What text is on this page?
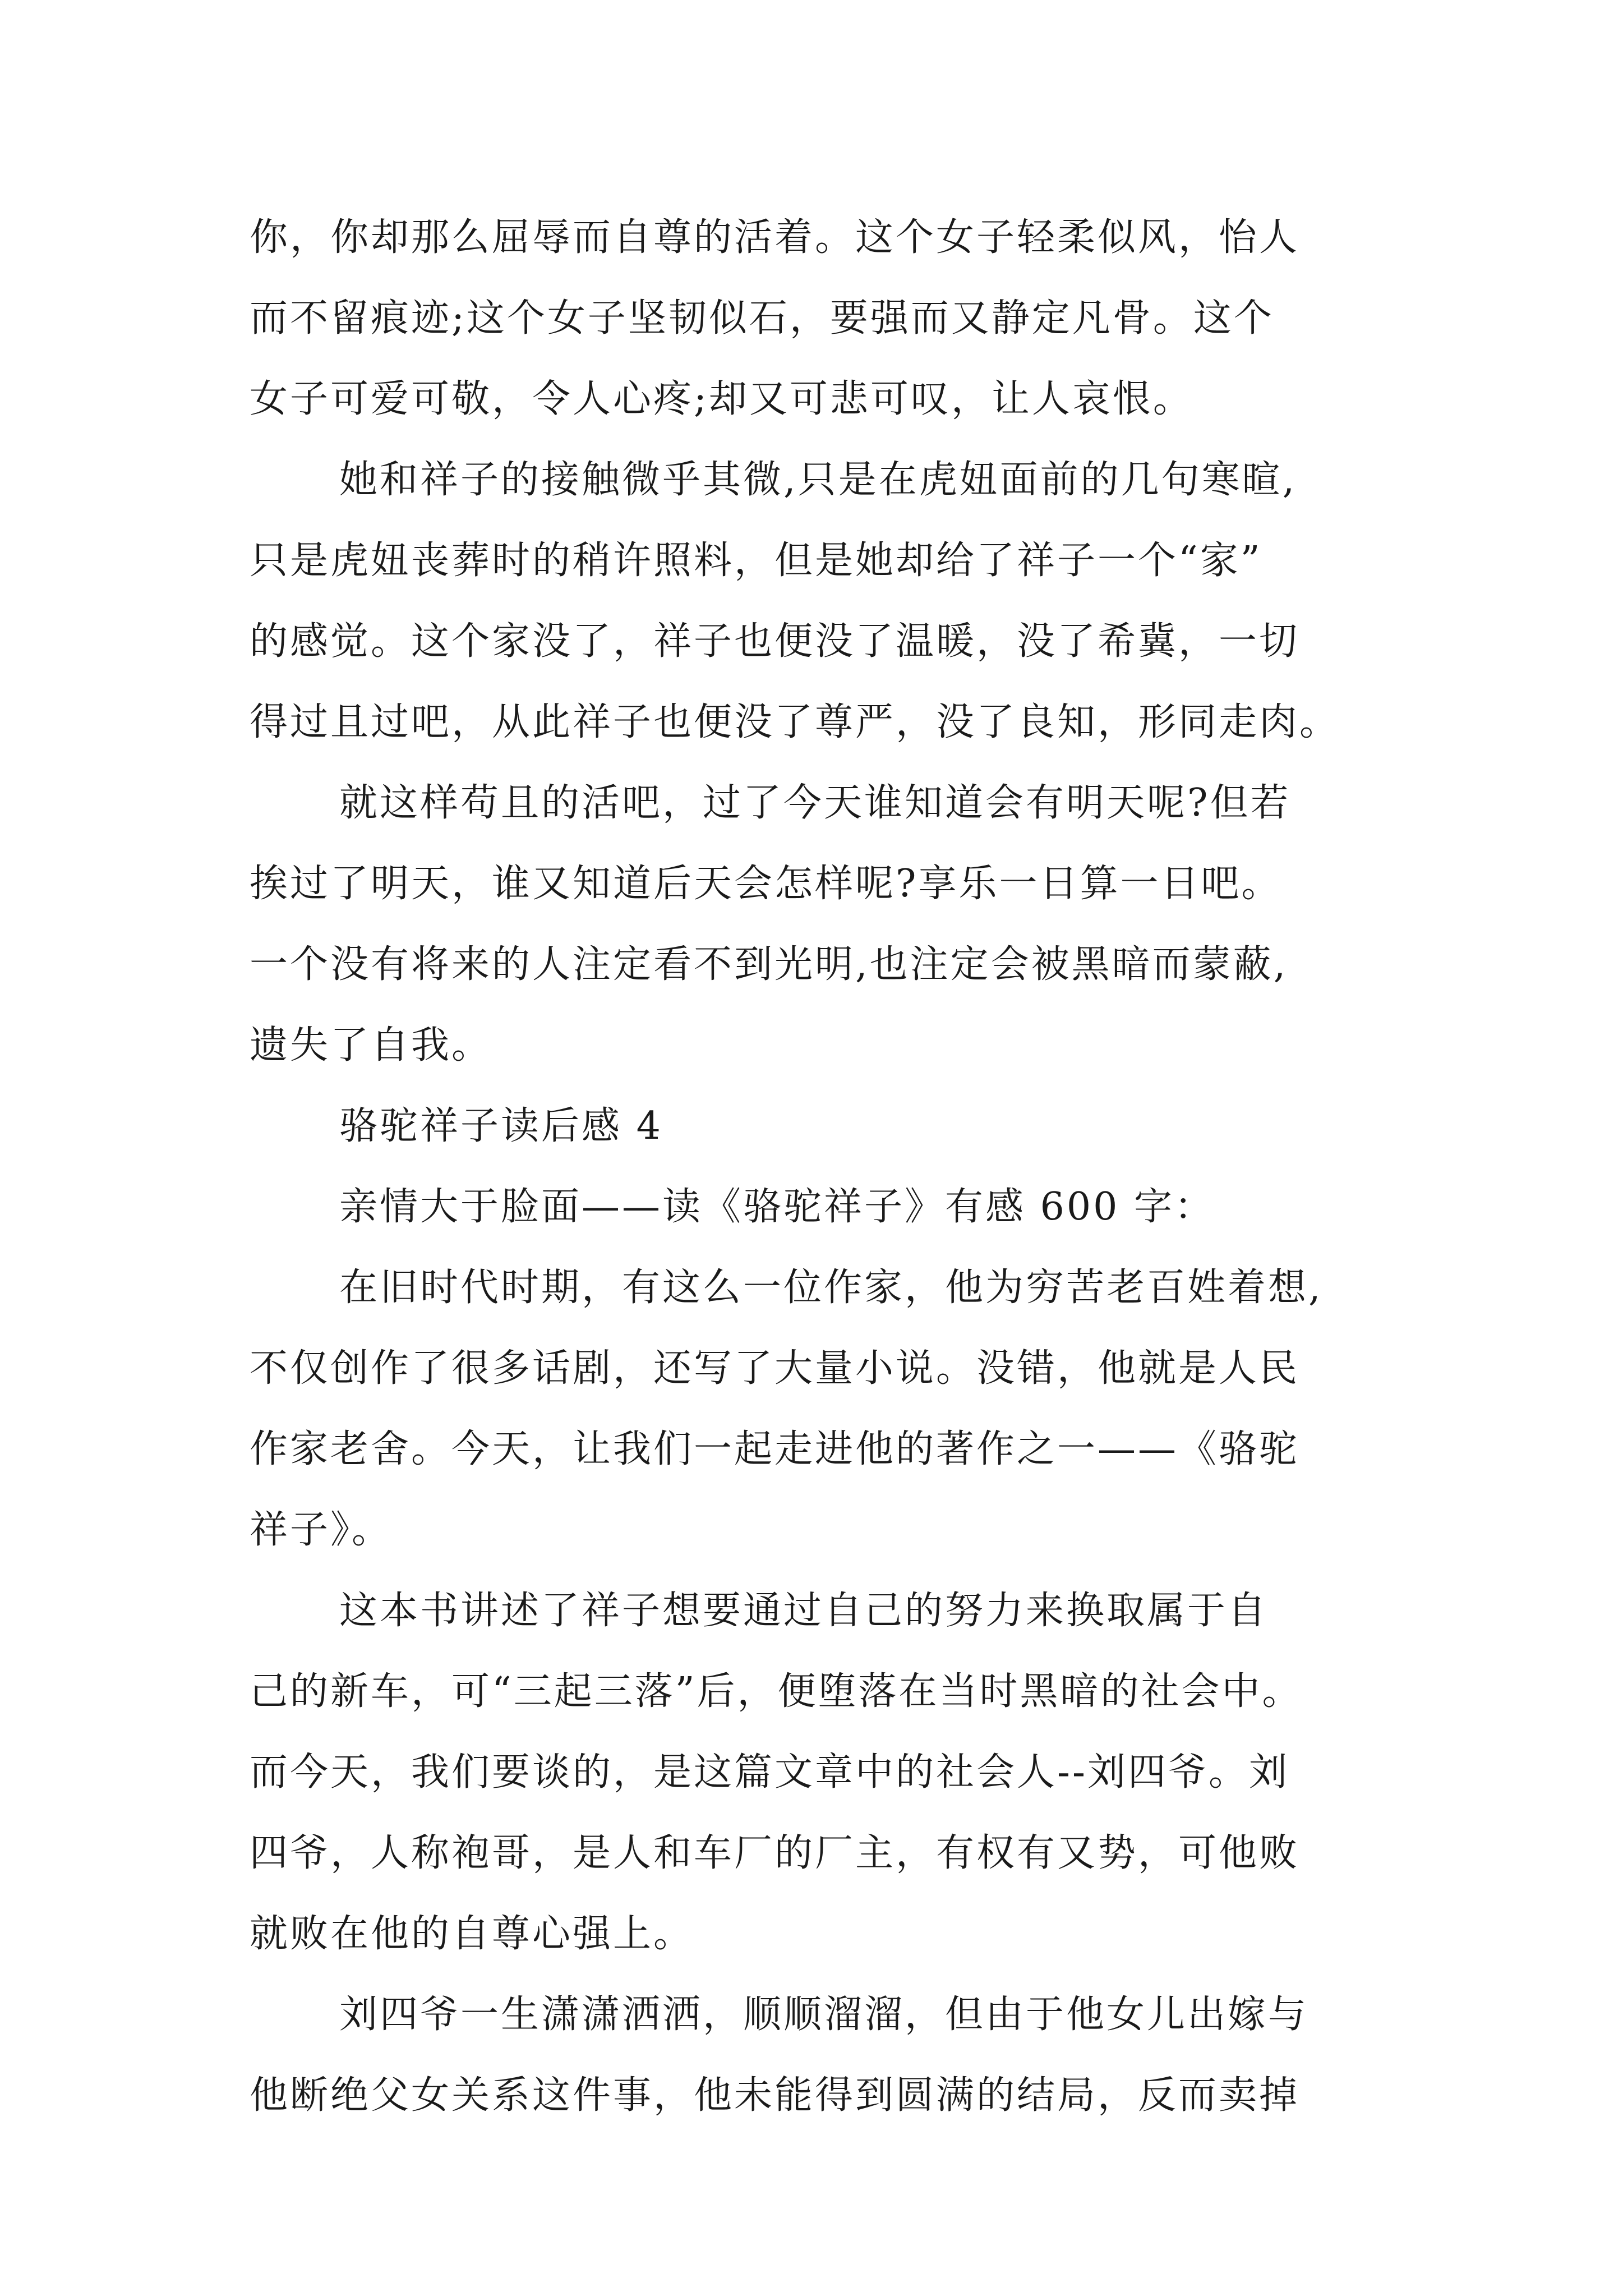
你，你却那么屈辱而自尊的活着。这个女子轻柔似风，怡人
而不留痕迹;这个女子坚韧似石，要强而又静定凡骨。这个
女子可爱可敬，令人心疼;却又可悲可叹，让人哀恨。

她和祥子的接触微乎其微,只是在虎妞面前的几句寒暄,
只是虎妞丧葬时的稍许照料，但是她却给了祥子一个“家”
的感觉。这个家没了，祥子也便没了温暖，没了希冀，一切
得过且过吧，从此祥子也便没了尊严，没了良知，形同走肉。

就这样苟且的活吧，过了今天谁知道会有明天呢?但若
挨过了明天，谁又知道后天会怎样呢?享乐一日算一日吧。
一个没有将来的人注定看不到光明,也注定会被黑暗而蒙蔽,
遗失了自我。

骆驼祥子读后感 4

亲情大于脸面——读《骆驼祥子》有感 600 字：

在旧时代时期，有这么一位作家，他为穷苦老百姓着想,
不仅创作了很多话剧，还写了大量小说。没错，他就是人民
作家老舍。今天，让我们一起走进他的著作之一——《骆驼
祥子》。

这本书讲述了祥子想要通过自己的努力来换取属于自
己的新车，可“三起三落”后，便堕落在当时黑暗的社会中。
而今天，我们要谈的，是这篇文章中的社会人--刘四爷。刘
四爷，人称袍哥，是人和车厂的厂主，有权有又势，可他败
就败在他的自尊心强上。

刘四爷一生潇潇洒洒，顺顺溜溜，但由于他女儿出嫁与
他断绝父女关系这件事，他未能得到圆满的结局，反而卖掉
